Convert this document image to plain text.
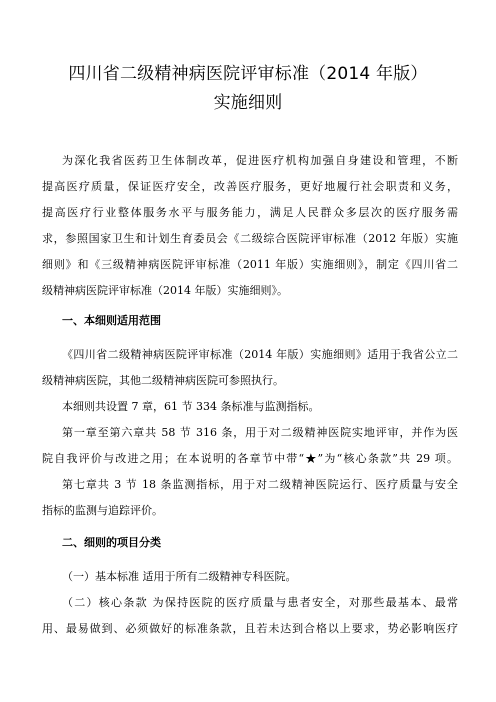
四川省二级精神病医院评审标准（2014 年版）
实施细则
为深化我省医药卫生体制改革，促进医疗机构加强自身建设和管理，不断
提高医疗质量，保证医疗安全，改善医疗服务，更好地履行社会职责和义务，
提高医疗行业整体服务水平与服务能力，满足人民群众多层次的医疗服务需
求，参照国家卫生和计划生育委员会《二级综合医院评审标准（2012 年版）实施
细则》和《三级精神病医院评审标准（2011 年版）实施细则》，制定《四川省二
级精神病医院评审标准（2014 年版）实施细则》。
一、本细则适用范围
《四川省二级精神病医院评审标准（2014 年版）实施细则》适用于我省公立二
级精神病医院，其他二级精神病医院可参照执行。
本细则共设置 7 章，61 节 334 条标准与监测指标。
第一章至第六章共 58 节 316 条，用于对二级精神医院实地评审，并作为医
院自我评价与改进之用；在本说明的各章节中带“★”为“核心条款”共 29 项。
第七章共 3 节 18 条监测指标，用于对二级精神医院运行、医疗质量与安全
指标的监测与追踪评价。
二、细则的项目分类
（一）基本标准 适用于所有二级精神专科医院。
（二）核心条款 为保持医院的医疗质量与患者安全，对那些最基本、最常
用、最易做到、必须做好的标准条款，且若未达到合格以上要求，势必影响医疗
